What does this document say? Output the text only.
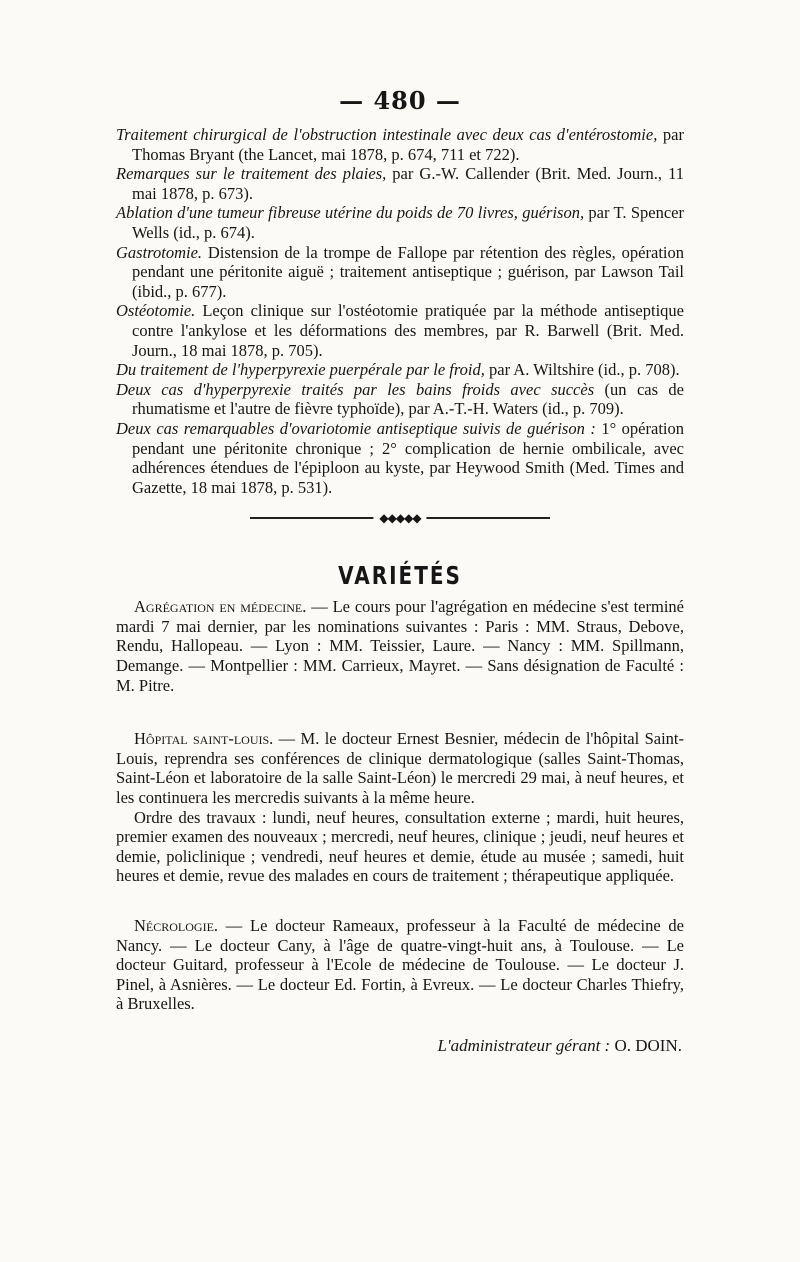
— 480 —

Traitement chirurgical de l'obstruction intestinale avec deux cas d'entérostomie, par Thomas Bryant (the Lancet, mai 1878, p. 674, 711 et 722).

Remarques sur le traitement des plaies, par G.-W. Callender (Brit. Med. Journ., 11 mai 1878, p. 673).

Ablation d'une tumeur fibreuse utérine du poids de 70 livres, guérison, par T. Spencer Wells (id., p. 674).

Gastrotomie. Distension de la trompe de Fallope par rétention des règles, opération pendant une péritonite aiguë ; traitement antiseptique ; guérison, par Lawson Tail (ibid., p. 677).

Ostéotomie. Leçon clinique sur l'ostéotomie pratiquée par la méthode antiseptique contre l'ankylose et les déformations des membres, par R. Barwell (Brit. Med. Journ., 18 mai 1878, p. 705).

Du traitement de l'hyperpyrexie puerpérale par le froid, par A. Wiltshire (id., p. 708).

Deux cas d'hyperpyrexie traités par les bains froids avec succès (un cas de rhumatisme et l'autre de fièvre typhoïde), par A.-T.-H. Waters (id., p. 709).

Deux cas remarquables d'ovariotomie antiseptique suivis de guérison : 1° opération pendant une péritonite chronique ; 2° complication de hernie ombilicale, avec adhérences étendues de l'épiploon au kyste, par Heywood Smith (Med. Times and Gazette, 18 mai 1878, p. 531).

◆◆◆◆◆
VARIÉTÉS

Agrégation en médecine. — Le cours pour l'agrégation en médecine s'est terminé mardi 7 mai dernier, par les nominations suivantes : Paris : MM. Straus, Debove, Rendu, Hallopeau. — Lyon : MM. Teissier, Laure. — Nancy : MM. Spillmann, Demange. — Montpellier : MM. Carrieux, Mayret. — Sans désignation de Faculté : M. Pitre.

Hôpital saint-louis. — M. le docteur Ernest Besnier, médecin de l'hôpital Saint-Louis, reprendra ses conférences de clinique dermatologique (salles Saint-Thomas, Saint-Léon et laboratoire de la salle Saint-Léon) le mercredi 29 mai, à neuf heures, et les continuera les mercredis suivants à la même heure.

Ordre des travaux : lundi, neuf heures, consultation externe ; mardi, huit heures, premier examen des nouveaux ; mercredi, neuf heures, clinique ; jeudi, neuf heures et demie, policlinique ; vendredi, neuf heures et demie, étude au musée ; samedi, huit heures et demie, revue des malades en cours de traitement ; thérapeutique appliquée.

Nécrologie. — Le docteur Rameaux, professeur à la Faculté de médecine de Nancy. — Le docteur Cany, à l'âge de quatre-vingt-huit ans, à Toulouse. — Le docteur Guitard, professeur à l'Ecole de médecine de Toulouse. — Le docteur J. Pinel, à Asnières. — Le docteur Ed. Fortin, à Evreux. — Le docteur Charles Thiefry, à Bruxelles.

L'administrateur gérant : O. DOIN.
